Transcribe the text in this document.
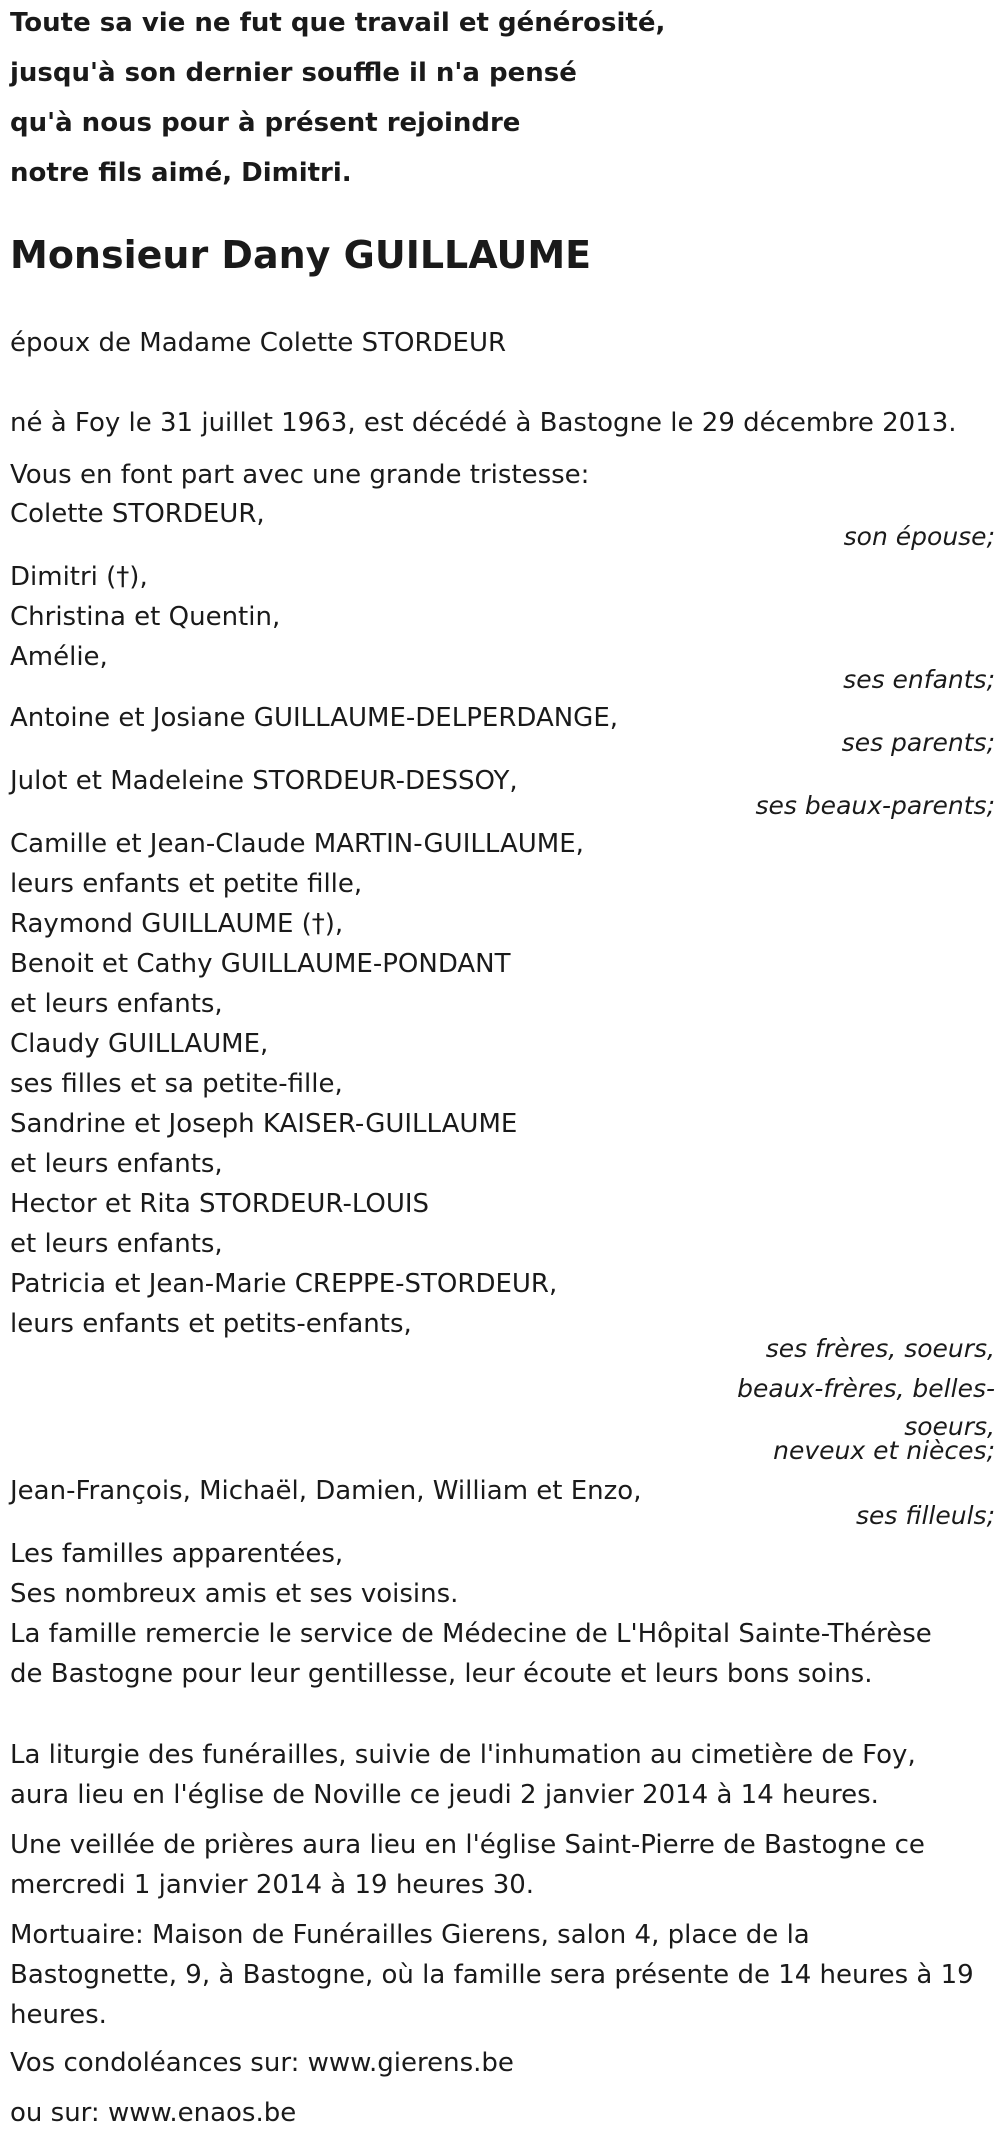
Toute sa vie ne fut que travail et générosité,
jusqu'à son dernier souffle il n'a pensé
qu'à nous pour à présent rejoindre
notre fils aimé, Dimitri.
Monsieur Dany GUILLAUME
époux de Madame Colette STORDEUR
né à Foy le 31 juillet 1963, est décédé à Bastogne le 29 décembre 2013.
Vous en font part avec une grande tristesse:
Colette STORDEUR,
son épouse;
Dimitri (†),
Christina et Quentin,
Amélie,
ses enfants;
Antoine et Josiane GUILLAUME-DELPERDANGE,
ses parents;
Julot et Madeleine STORDEUR-DESSOY,
ses beaux-parents;
Camille et Jean-Claude MARTIN-GUILLAUME,
leurs enfants et petite fille,
Raymond GUILLAUME (†),
Benoit et Cathy GUILLAUME-PONDANT
et leurs enfants,
Claudy GUILLAUME,
ses filles et sa petite-fille,
Sandrine et Joseph KAISER-GUILLAUME
et leurs enfants,
Hector et Rita STORDEUR-LOUIS
et leurs enfants,
Patricia et Jean-Marie CREPPE-STORDEUR,
leurs enfants et petits-enfants,
ses frères, soeurs,
beaux-frères, belles-
soeurs,
neveux et nièces;
Jean-François, Michaël, Damien, William et Enzo,
ses filleuls;
Les familles apparentées,
Ses nombreux amis et ses voisins.
La famille remercie le service de Médecine de L'Hôpital Sainte-Thérèse
de Bastogne pour leur gentillesse, leur écoute et leurs bons soins.
La liturgie des funérailles, suivie de l'inhumation au cimetière de Foy,
aura lieu en l'église de Noville ce jeudi 2 janvier 2014 à 14 heures.
Une veillée de prières aura lieu en l'église Saint-Pierre de Bastogne ce
mercredi 1 janvier 2014 à 19 heures 30.
Mortuaire: Maison de Funérailles Gierens, salon 4, place de la
Bastognette, 9, à Bastogne, où la famille sera présente de 14 heures à 19
heures.
Vos condoléances sur: www.gierens.be
ou sur: www.enaos.be
